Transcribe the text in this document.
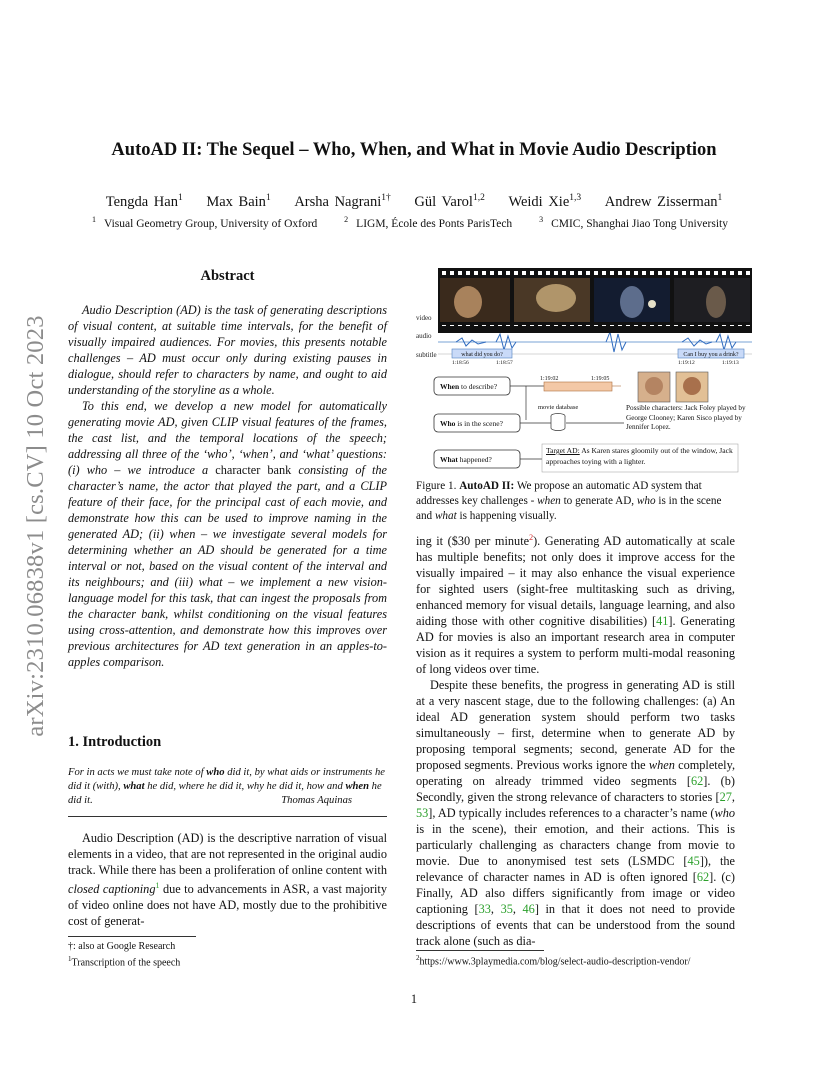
arXiv:2310.06838v1 [cs.CV] 10 Oct 2023
AutoAD II: The Sequel – Who, When, and What in Movie Audio Description
Tengda Han$^1$ Max Bain$^1$ Arsha Nagrani$^{1\dagger}$ Gül Varol$^{1,2}$ Weidi Xie$^{1,3}$ Andrew Zisserman$^1$
$^1$ Visual Geometry Group, University of Oxford	$^2$ LIGM, École des Ponts ParisTech	$^3$ CMIC, Shanghai Jiao Tong University
Abstract

Audio Description (AD) is the task of generating descriptions of visual content, at suitable time intervals, for the benefit of visually impaired audiences. For movies, this presents notable challenges – AD must occur only during existing pauses in dialogue, should refer to characters by name, and ought to aid understanding of the storyline as a whole.

To this end, we develop a new model for automatically generating movie AD, given CLIP visual features of the frames, the cast list, and the temporal locations of the speech; addressing all three of the ‘who’, ‘when’, and ‘what’ questions: (i) who – we introduce a character bank consisting of the character’s name, the actor that played the part, and a CLIP feature of their face, for the principal cast of each movie, and demonstrate how this can be used to improve naming in the generated AD; (ii) when – we investigate several models for determining whether an AD should be generated for a time interval or not, based on the visual content of the interval and its neighbours; and (iii) what – we implement a new vision-language model for this task, that can ingest the proposals from the character bank, whilst conditioning on the visual features using cross-attention, and demonstrate how this improves over previous architectures for AD text generation in an apples-to-apples comparison.

1. Introduction
For in acts we must take note of who did it, by what aids or instruments he did it (with), what he did, where he did it, why he did it, how and when he did it.	Thomas Aquinas

Audio Description (AD) is the descriptive narration of visual elements in a video, that are not represented in the original audio track. While there has been a proliferation of online content with closed captioning$^1$ due to advancements in ASR, a vast majority of video online does not have AD, mostly due to the prohibitive cost of generat-

†: also at Google Research
$^1$Transcription of the speech
video
audio
subtitle	what did you do?
1:18:56	1:18:57
Can I buy you a drink?
1:19:12	1:19:13
When to describe?
1:19:02	1:19:05
Who is in the scene?
movie database	Possible characters: Jack Foley played by George Clooney; Karen Sisco played by Jennifer Lopez.
What happened?
Target AD: As Karen stares gloomily out of the window, Jack approaches toying with a lighter.
Figure 1. AutoAD II: We propose an automatic AD system that addresses key challenges - when to generate AD, who is in the scene and what is happening visually.

ing it ($30 per minute$^2$). Generating AD automatically at scale has multiple benefits; not only does it improve access for the visually impaired – it may also enhance the visual experience for sighted users (sight-free multitasking such as driving, enhanced memory for visual details, language learning, and also aiding those with other cognitive disabilities) [41]. Generating AD for movies is also an important research area in computer vision as it requires a system to perform multi-modal reasoning of long videos over time.

Despite these benefits, the progress in generating AD is still at a very nascent stage, due to the following challenges: (a) An ideal AD generation system should perform two tasks simultaneously – first, determine when to generate AD by proposing temporal segments; second, generate AD for the proposed segments. Previous works ignore the when completely, operating on already trimmed video segments [62]. (b) Secondly, given the strong relevance of characters to stories [27, 53], AD typically includes references to a character’s name (who is in the scene), their emotion, and their actions. This is particularly challenging as characters change from movie to movie. Due to anonymised test sets (LSMDC [45]), the relevance of character names in AD is often ignored [62]. (c) Finally, AD also differs significantly from image or video captioning [33, 35, 46] in that it does not need to provide descriptions of events that can be understood from the sound track alone (such as dia-

$^2$https://www.3playmedia.com/blog/select-audio-description-vendor/
1
